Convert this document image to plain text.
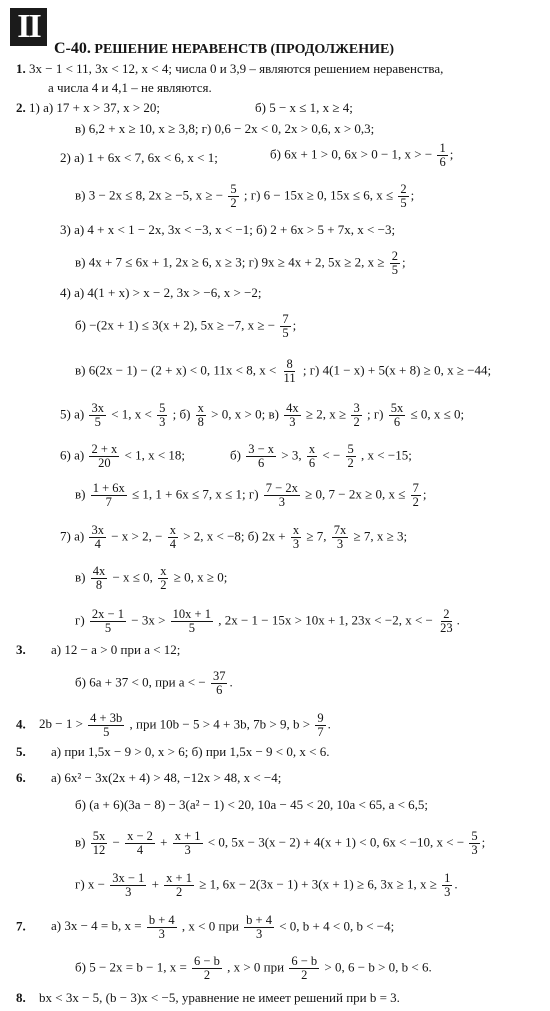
II
С-40. РЕШЕНИЕ НЕРАВЕНСТВ (ПРОДОЛЖЕНИЕ)
1. 3x − 1 < 11, 3x < 12, x < 4; числа 0 и 3,9 – являются решением неравенства,
а числа 4 и 4,1 – не являются.
2. 1) а) 17 + x > 37, x > 20;	б) 5 − x ≤ 1, x ≥ 4;
в) 6,2 + x ≥ 10, x ≥ 3,8; г) 0,6 − 2x < 0, 2x > 0,6, x > 0,3;
2) а) 1 + 6x < 7, 6x < 6, x < 1;	б) 6x + 1 > 0, 6x > 0 − 1, x > − $\frac{1}{6}$ ;
в) 3 − 2x ≤ 8, 2x ≥ −5, x ≥ − $\frac{5}{2}$ ; г) 6 − 15x ≥ 0, 15x ≤ 6, $x \le \frac{2}{5}$ ;
3) а) 4 + x < 1 − 2x, 3x < −3, x < −1; б) 2 + 6x > 5 + 7x, x < −3;
в) 4x + 7 ≤ 6x + 1, 2x ≥ 6, x ≥ 3; г) 9x ≥ 4x + 2, 5x ≥ 2, $x \ge \frac{2}{5}$ ;
4) а) 4(1 + x) > x − 2, 3x > −6, x > −2;
б) −(2x + 1) ≤ 3(x + 2), 5x ≥ −7, x ≥ − $\frac{7}{5}$ ;
в) 6(2x − 1) − (2 + x) < 0, 11x < 8, $x < \frac{8}{11}$ ; г) 4(1 − x) + 5(x + 8) ≥ 0, x ≥ −44;
5) $а) \frac{3x}{5} < 1$, $x < \frac{5}{3}$ ; $б) \frac{x}{8} > 0$, x > 0; $в) \frac{4x}{3} \ge 2$, $x \ge \frac{3}{2}$ ; $г) \frac{5x}{6} \le 0$, x ≤ 0;
6) $а) \frac{2 + x}{20} < 1$, x < 18;	$б) \frac{3 - x}{6} > 3$, $\frac{x}{6}$ < − $\frac{5}{2}$ , x < −15;
$в) \frac{1 + 6x}{7} \le 1$, 1 + 6x ≤ 7, x ≤ 1; $г) \frac{7 - 2x}{3} \ge 0$, 7 − 2x ≥ 0, $x \le \frac{7}{2}$ ;
7) $а) \frac{3x}{4} - x > 2$, − $\frac{x}{4} > 2$, x < −8; б) $2x + \frac{x}{3} \ge 7$, $\frac{7x}{3} \ge 7$, x ≥ 3;
$в) \frac{4x}{8} - x \le 0$, $\frac{x}{2} \ge 0$, x ≥ 0;
$г) \frac{2x - 1}{5} - 3x > \frac{10x + 1}{5}$ , 2x − 1 − 15x > 10x + 1, 23x < −2, x < − $\frac{2}{23}$ .
3. а) 12 − a > 0 при a < 12;
б) 6a + 37 < 0, при a < − $\frac{37}{6}$ .
4. $2b - 1 > \frac{4 + 3b}{5}$ , при 10b − 5 > 4 + 3b, 7b > 9, $b > \frac{9}{7}$ .
5. а) при 1,5x − 9 > 0, x > 6; б) при 1,5x − 9 < 0, x < 6.
6. а) 6x² − 3x(2x + 4) > 48, −12x > 48, x < −4;
б) (a + 6)(3a − 8) − 3(a² − 1) < 20, 10a − 45 < 20, 10a < 65, a < 6,5;
$в) \frac{5x}{12} - \frac{x - 2}{4} + \frac{x + 1}{3} < 0$, 5x − 3(x − 2) + 4(x + 1) < 0, 6x < −10, x < − $\frac{5}{3}$ ;
г) $x - \frac{3x - 1}{3} + \frac{x + 1}{2} \ge 1$, 6x − 2(3x − 1) + 3(x + 1) ≥ 6, 3x ≥ 1, $x \ge \frac{1}{3}$ .
7. а) 3x − 4 = b, $x = \frac{b + 4}{3}$ , x < 0 при $\frac{b + 4}{3} < 0$, b + 4 < 0, b < −4;
б) 5 − 2x = b − 1, $x = \frac{6 - b}{2}$ , x > 0 при $\frac{6 - b}{2} > 0$, 6 − b > 0, b < 6.
8. bx < 3x − 5, (b − 3)x < −5, уравнение не имеет решений при b = 3.
